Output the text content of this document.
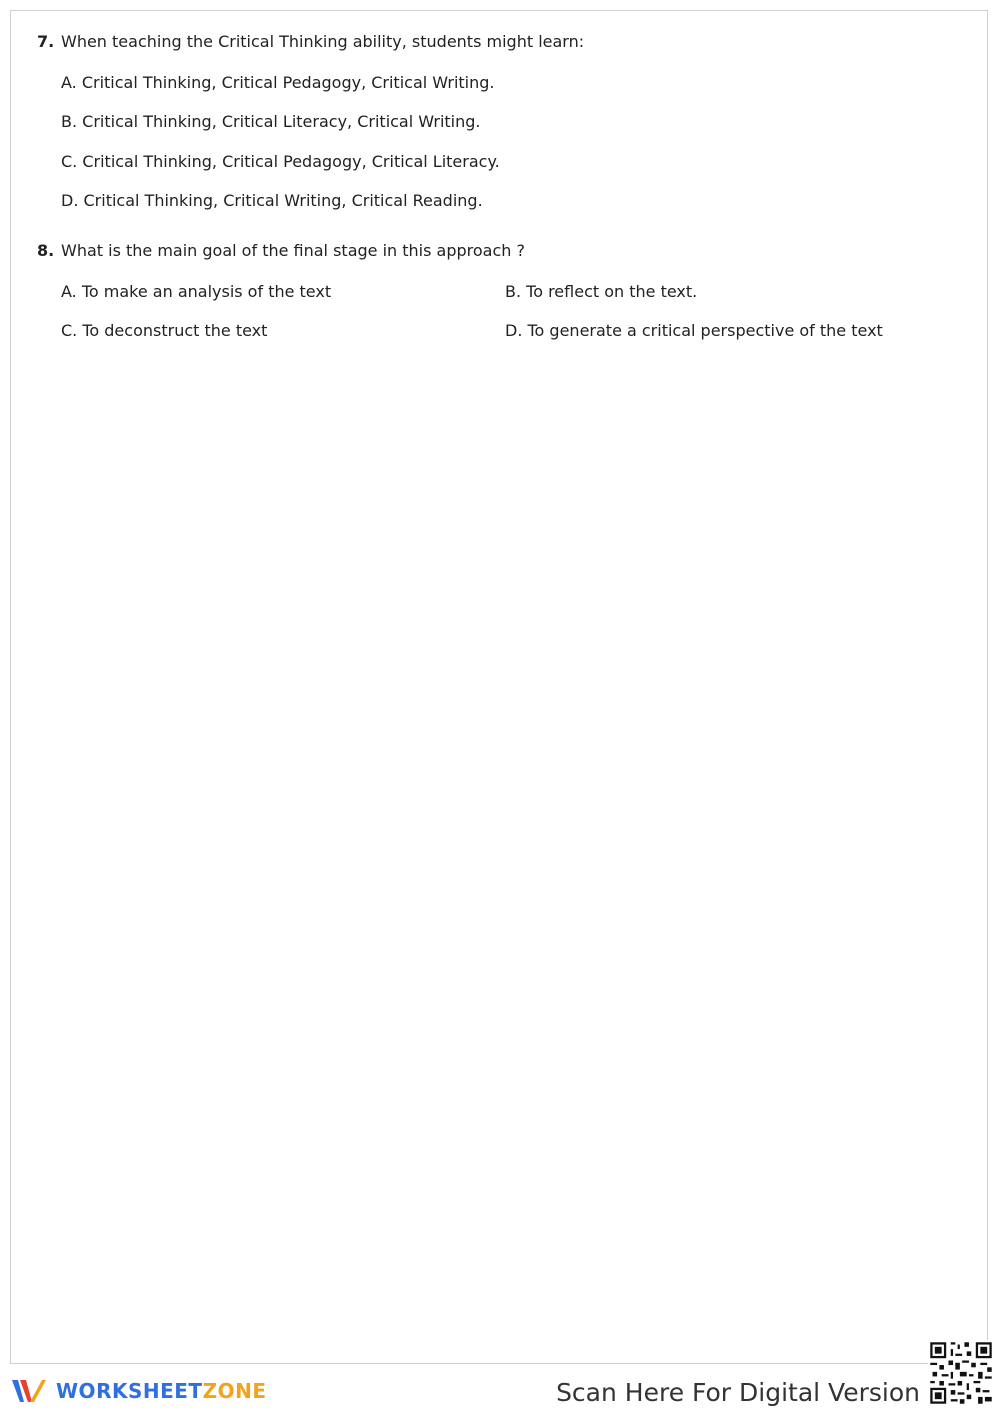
7. When teaching the Critical Thinking ability, students might learn:
A. Critical Thinking, Critical Pedagogy, Critical Writing.
B. Critical Thinking, Critical Literacy, Critical Writing.
C. Critical Thinking, Critical Pedagogy, Critical Literacy.
D. Critical Thinking, Critical Writing, Critical Reading.
8. What is the main goal of the final stage in this approach ?
A. To make an analysis of the text	B. To reflect on the text.
C. To deconstruct the text	D. To generate a critical perspective of the text
WORKSHEETZONE	Scan Here For Digital Version
